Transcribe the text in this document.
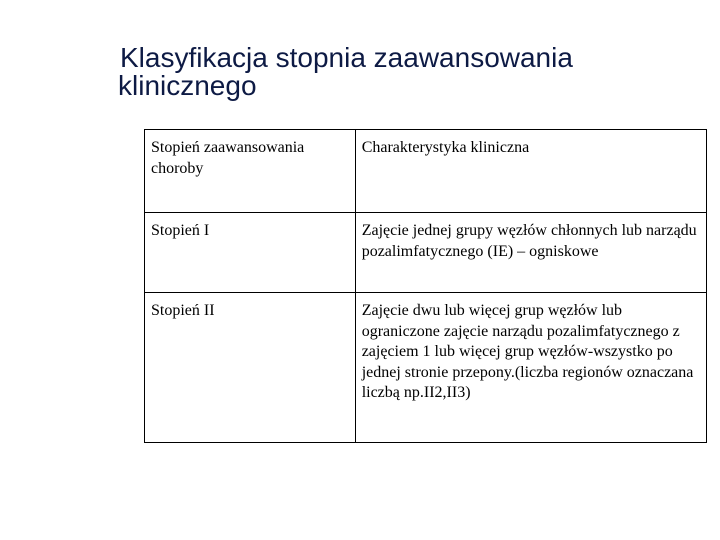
Klasyfikacja stopnia zaawansowania
klinicznego
Stopień zaawansowania choroby	Charakterystyka kliniczna
Stopień I	Zajęcie jednej grupy węzłów chłonnych lub narządu pozalimfatycznego (IE) – ogniskowe
Stopień II	Zajęcie dwu lub więcej grup węzłów lub ograniczone zajęcie narządu pozalimfatycznego z zajęciem 1 lub więcej grup węzłów-wszystko po jednej stronie przepony.(liczba regionów oznaczana liczbą np.II2,II3)
